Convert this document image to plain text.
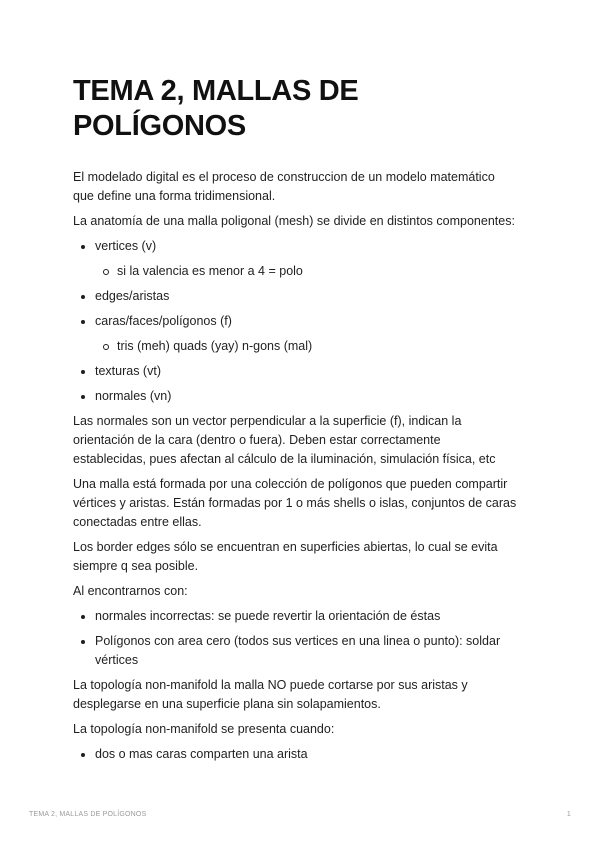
TEMA 2, MALLAS DE
POLÍGONOS

El modelado digital es el proceso de construccion de un modelo matemático
que define una forma tridimensional.

La anatomía de una malla poligonal (mesh) se divide en distintos componentes:

vertices (v)
si la valencia es menor a 4 = polo
edges/aristas
caras/faces/polígonos (f)
tris (meh) quads (yay) n-gons (mal)
texturas (vt)
normales (vn)

Las normales son un vector perpendicular a la superficie (f), indican la
orientación de la cara (dentro o fuera). Deben estar correctamente
establecidas, pues afectan al cálculo de la iluminación, simulación física, etc

Una malla está formada por una colección de polígonos que pueden compartir
vértices y aristas. Están formadas por 1 o más shells o islas, conjuntos de caras
conectadas entre ellas.

Los border edges sólo se encuentran en superficies abiertas, lo cual se evita
siempre q sea posible.

Al encontrarnos con:

normales incorrectas: se puede revertir la orientación de éstas
Polígonos con area cero (todos sus vertices en una linea o punto): soldar
vértices

La topología non-manifold la malla NO puede cortarse por sus aristas y
desplegarse en una superficie plana sin solapamientos.

La topología non-manifold se presenta cuando:

dos o mas caras comparten una arista
TEMA 2, MALLAS DE POLÍGONOS	1
